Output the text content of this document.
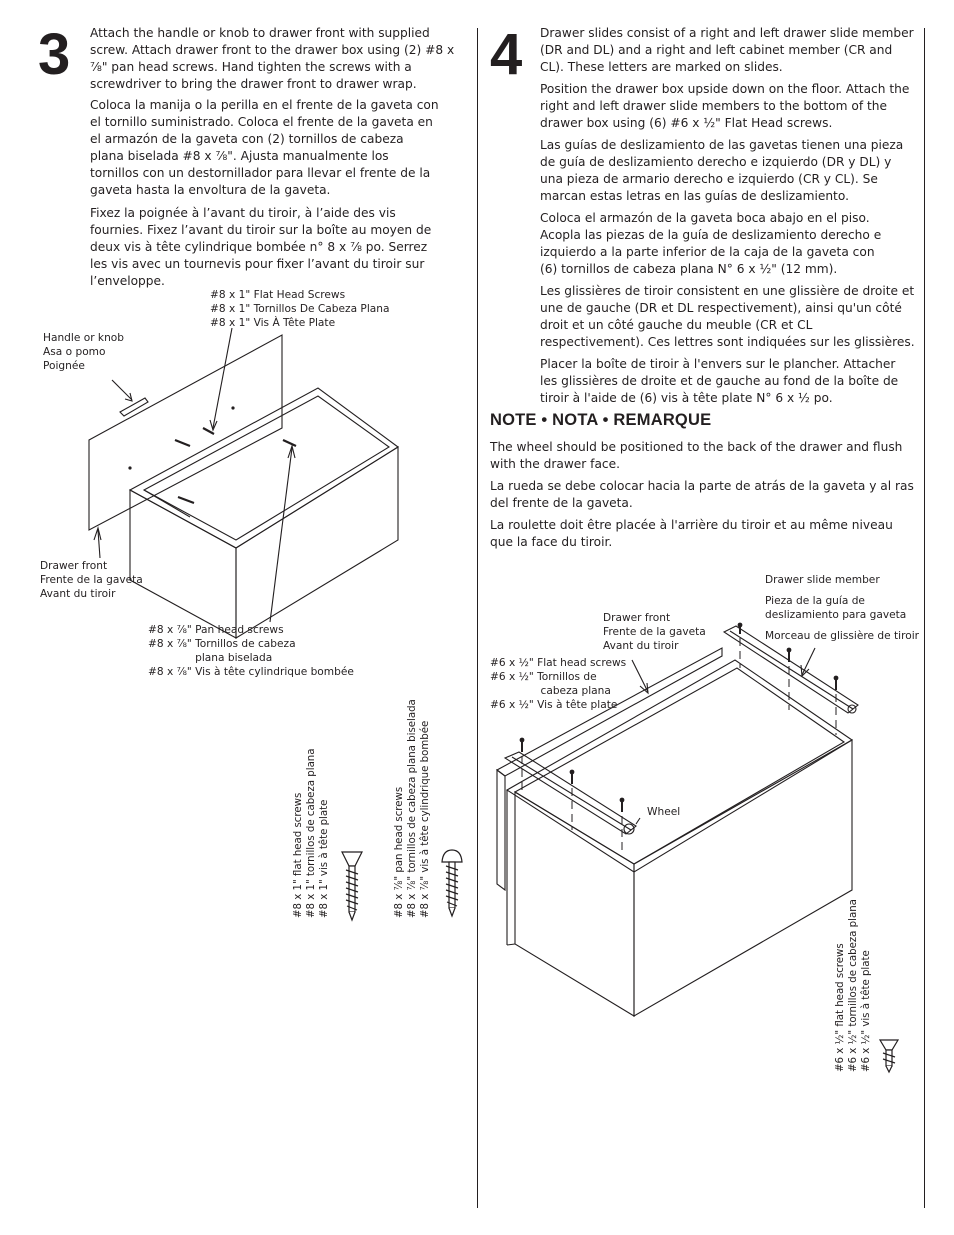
3 Attach the handle or knob to drawer front with supplied screw. Attach drawer front to the drawer box using (2) #8 x ⅞" pan head screws. Hand tighten the screws with a screwdriver to bring the drawer front to drawer wrap.

Coloca la manija o la perilla en el frente de la gaveta con el tornillo suministrado. Coloca el frente de la gaveta en el armazón de la gaveta con (2) tornillos de cabeza plana biselada #8 x ⅞". Ajusta manualmente los tornillos con un destornillador para llevar el frente de la gaveta hasta la envoltura de la gaveta.

Fixez la poignée à l’avant du tiroir, à l’aide des vis fournies. Fixez l’avant du tiroir sur la boîte au moyen de deux vis à tête cylindrique bombée n° 8 x ⅞ po. Serrez les vis avec un tournevis pour fixer l’avant du tiroir sur l’enveloppe.

#8 x 1" Flat Head Screws
#8 x 1" Tornillos De Cabeza Plana
#8 x 1" Vis À Tête Plate
Handle or knob
Asa o pomo
Poignée
Drawer front
Frente de la gaveta
Avant du tiroir
#8 x ⅞" Pan head screws
#8 x ⅞" Tornillos de cabeza
plana biselada
#8 x ⅞" Vis à tête cylindrique bombée
#8 x 1" flat head screws
#8 x 1" tornillos de cabeza plana
#8 x 1" vis à tête plate
#8 x ⅞" pan head screws
#8 x ⅞" tornillos de cabeza plana biselada
#8 x ⅞" vis à tête cylindrique bombée
4 Drawer slides consist of a right and left drawer slide member (DR and DL) and a right and left cabinet member (CR and CL). These letters are marked on slides.

Position the drawer box upside down on the floor. Attach the right and left drawer slide members to the bottom of the drawer box using (6) #6 x ½" Flat Head screws.

Las guías de deslizamiento de las gavetas tienen una pieza de guía de deslizamiento derecho e izquierdo (DR y DL) y una pieza de armario derecho e izquierdo (CR y CL). Se marcan estas letras en las guías de deslizamiento.

Coloca el armazón de la gaveta boca abajo en el piso. Acopla las piezas de la guía de deslizamiento derecho e izquierdo a la parte inferior de la caja de la gaveta con (6) tornillos de cabeza plana N° 6 x ½" (12 mm).

Les glissières de tiroir consistent en une glissière de droite et une de gauche (DR et DL respectivement), ainsi qu'un côté droit et un côté gauche du meuble (CR et CL respectivement). Ces lettres sont indiquées sur les glissières.

Placer la boîte de tiroir à l'envers sur le plancher. Attacher les glissières de droite et de gauche au fond de la boîte de tiroir à l'aide de (6) vis à tête plate N° 6 x ½ po.

NOTE • NOTA • REMARQUE

The wheel should be positioned to the back of the drawer and flush with the drawer face.

La rueda se debe colocar hacia la parte de atrás de la gaveta y al ras del frente de la gaveta.

La roulette doit être placée à l'arrière du tiroir et au même niveau que la face du tiroir.

Drawer slide member
Pieza de la guía de
deslizamiento para gaveta
Morceau de glissière de tiroir
Drawer front
Frente de la gaveta
Avant du tiroir
#6 x ½" Flat head screws
#6 x ½" Tornillos de
cabeza plana
#6 x ½" Vis à tête plate
Wheel
#6 x ½" flat head screws
#6 x ½" tornillos de cabeza plana
#6 x ½" vis à tête plate
